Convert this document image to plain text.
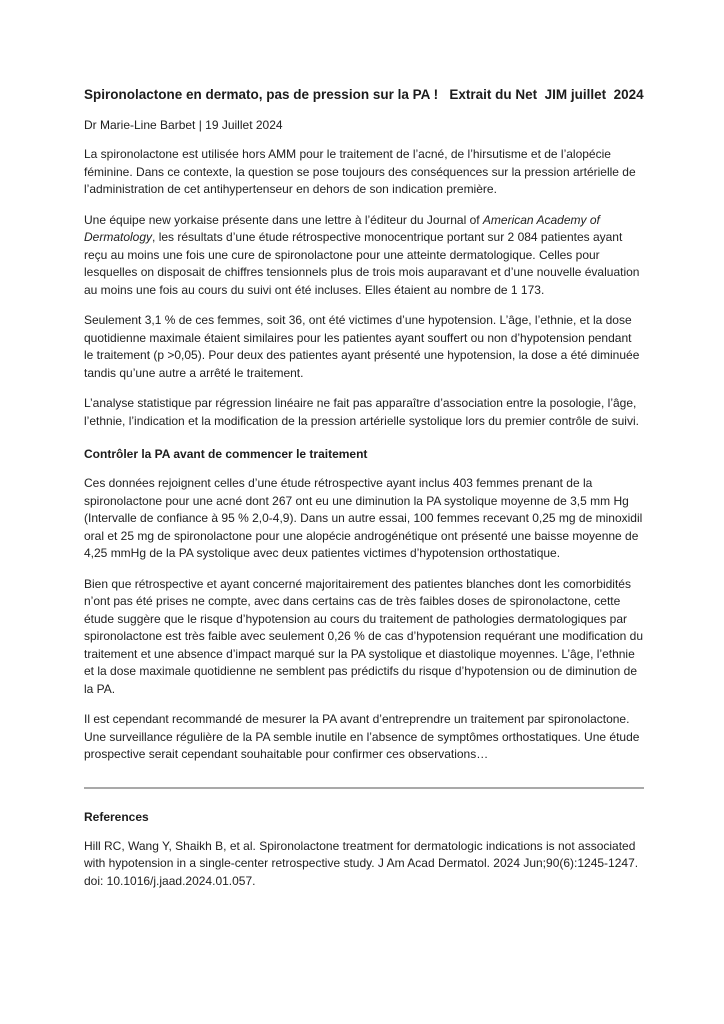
Spironolactone en dermato, pas de pression sur la PA !   Extrait du Net  JIM juillet  2024

Dr Marie-Line Barbet | 19 Juillet 2024

La spironolactone est utilisée hors AMM pour le traitement de l’acné, de l’hirsutisme et de l’alopécie féminine. Dans ce contexte, la question se pose toujours des conséquences sur la pression artérielle de l’administration de cet antihypertenseur en dehors de son indication première.

Une équipe new yorkaise présente dans une lettre à l’éditeur du Journal of American Academy of Dermatology, les résultats d’une étude rétrospective monocentrique portant sur 2 084 patientes ayant reçu au moins une fois une cure de spironolactone pour une atteinte dermatologique. Celles pour lesquelles on disposait de chiffres tensionnels plus de trois mois auparavant et d’une nouvelle évaluation au moins une fois au cours du suivi ont été incluses. Elles étaient au nombre de 1 173.

Seulement 3,1 % de ces femmes, soit 36, ont été victimes d’une hypotension. L’âge, l’ethnie, et la dose quotidienne maximale étaient similaires pour les patientes ayant souffert ou non d’hypotension pendant le traitement (p >0,05). Pour deux des patientes ayant présenté une hypotension, la dose a été diminuée tandis qu’une autre a arrêté le traitement.

L’analyse statistique par régression linéaire ne fait pas apparaître d’association entre la posologie, l’âge, l’ethnie, l’indication et la modification de la pression artérielle systolique lors du premier contrôle de suivi.

Contrôler la PA avant de commencer le traitement

Ces données rejoignent celles d’une étude rétrospective ayant inclus 403 femmes prenant de la spironolactone pour une acné dont 267 ont eu une diminution la PA systolique moyenne de 3,5 mm Hg (Intervalle de confiance à 95 % 2,0-4,9). Dans un autre essai, 100 femmes recevant 0,25 mg de minoxidil oral et 25 mg de spironolactone pour une alopécie androgénétique ont présenté une baisse moyenne de 4,25 mmHg de la PA systolique avec deux patientes victimes d’hypotension orthostatique.

Bien que rétrospective et ayant concerné majoritairement des patientes blanches dont les comorbidités n’ont pas été prises ne compte, avec dans certains cas de très faibles doses de spironolactone, cette étude suggère que le risque d’hypotension au cours du traitement de pathologies dermatologiques par spironolactone est très faible avec seulement 0,26 % de cas d’hypotension requérant une modification du traitement et une absence d’impact marqué sur la PA systolique et diastolique moyennes. L’âge, l’ethnie et la dose maximale quotidienne ne semblent pas prédictifs du risque d’hypotension ou de diminution de la PA.

Il est cependant recommandé de mesurer la PA avant d’entreprendre un traitement par spironolactone. Une surveillance régulière de la PA semble inutile en l’absence de symptômes orthostatiques. Une étude prospective serait cependant souhaitable pour confirmer ces observations…

References

Hill RC, Wang Y, Shaikh B, et al. Spironolactone treatment for dermatologic indications is not associated with hypotension in a single-center retrospective study. J Am Acad Dermatol. 2024 Jun;90(6):1245-1247. doi: 10.1016/j.jaad.2024.01.057.
